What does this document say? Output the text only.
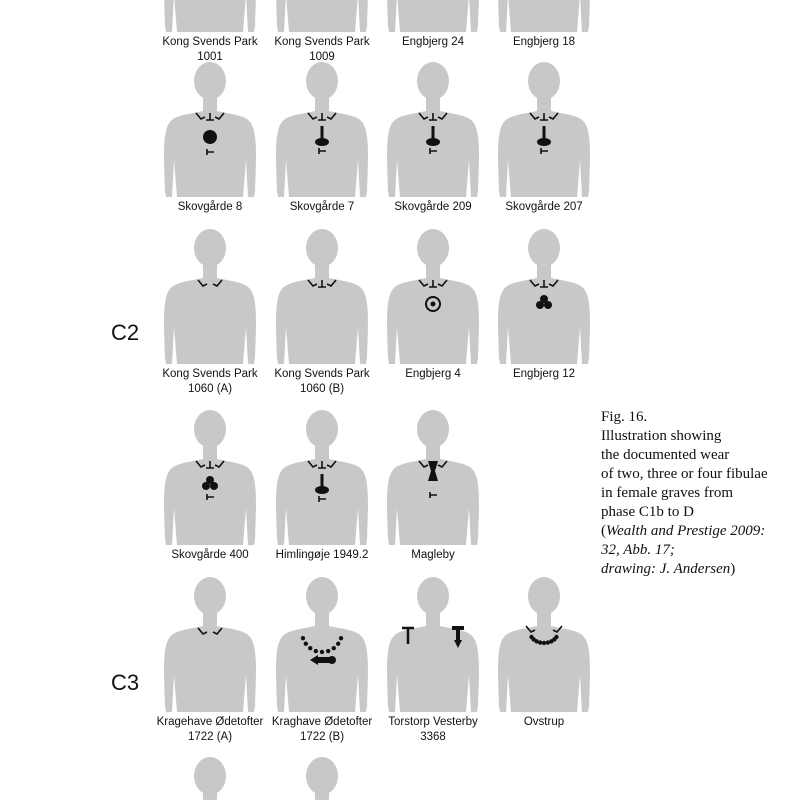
C2
C3
Fig. 16.
Illustration showing
the documented wear
of two, three or four fibulae
in female graves from
phase C1b to D
(Wealth and Prestige 2009:
32, Abb. 17;
drawing: J. Andersen)
Kong Svends Park
1001
Kong Svends Park
1009
Engbjerg 24	Engbjerg 18
Skovgårde 8	Skovgårde 7	Skovgårde 209	Skovgårde 207
Kong Svends Park
1060 (A)
Kong Svends Park
1060 (B)
Engbjerg 4	Engbjerg 12
Skovgårde 400	Himlingøje 1949.2	Magleby
Kragehave Ødetofter
1722 (A)
Kraghave Ødetofter
1722 (B)
Torstorp Vesterby
3368
Ovstrup
